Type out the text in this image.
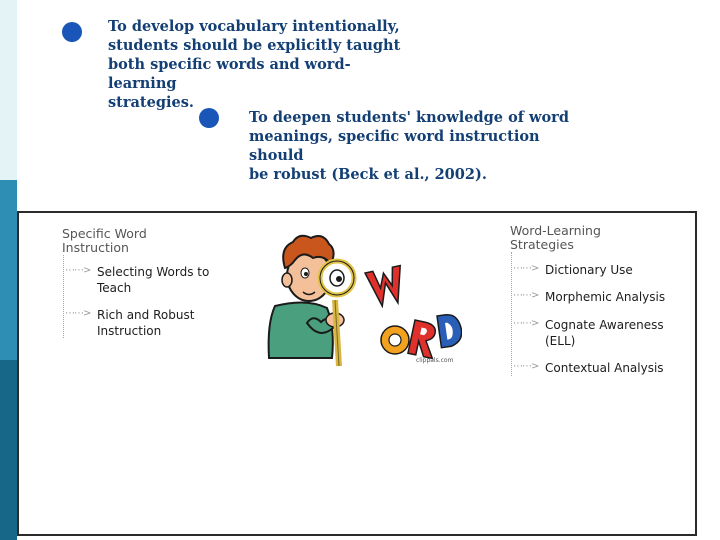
To develop vocabulary intentionally,
students should be explicitly taught
both specific words and word-learning
strategies.
To deepen students' knowledge of word
meanings, specific word instruction should
be robust (Beck et al., 2002).
Specific Word
Instruction
⋯⋯> Selecting Words to
Teach
⋯⋯> Rich and Robust
Instruction
Word-Learning
Strategies
⋯⋯> Dictionary Use
⋯⋯> Morphemic Analysis
⋯⋯> Cognate Awareness
(ELL)
⋯⋯> Contextual Analysis
clippals.com
